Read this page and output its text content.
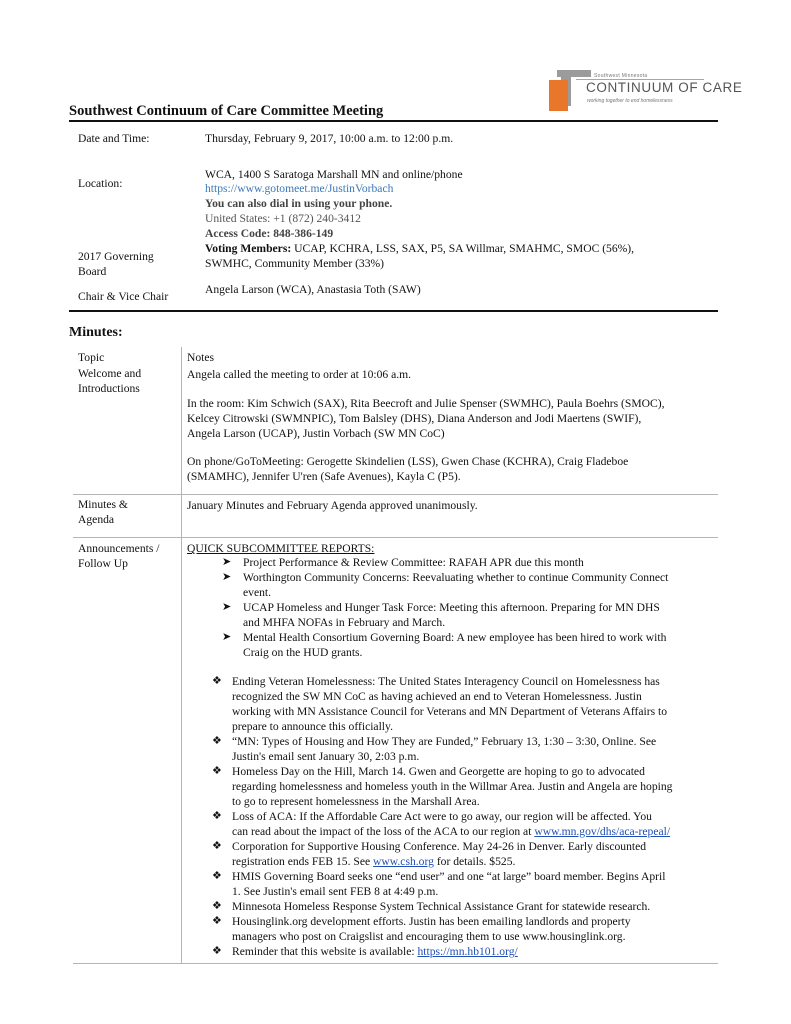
Southwest Minnesota
CONTINUUM OF CARE
working together to end homelessness
Southwest Continuum of Care Committee Meeting
Date and Time:	Thursday, February 9, 2017, 10:00 a.m. to 12:00 p.m.
Location:
WCA, 1400 S Saratoga Marshall MN and online/phone
https://www.gotomeet.me/JustinVorbach
You can also dial in using your phone.
United States: +1 (872) 240-3412
Access Code: 848-386-149
2017 Governing
Board
Voting Members: UCAP, KCHRA, LSS, SAX, P5, SA Willmar, SMAHMC, SMOC (56%),
SWMHC, Community Member (33%)
Chair & Vice Chair
Angela Larson (WCA), Anastasia Toth (SAW)
Minutes:
Topic	Notes
Welcome and
Introductions
Angela called the meeting to order at 10:06 a.m.
In the room: Kim Schwich (SAX), Rita Beecroft and Julie Spenser (SWMHC), Paula Boehrs (SMOC),
Kelcey Citrowski (SWMNPIC), Tom Balsley (DHS), Diana Anderson and Jodi Maertens (SWIF),
Angela Larson (UCAP), Justin Vorbach (SW MN CoC)
On phone/GoToMeeting: Gerogette Skindelien (LSS), Gwen Chase (KCHRA), Craig Fladeboe
(SMAMHC), Jennifer U'ren (Safe Avenues), Kayla C (P5).
Minutes &
Agenda
January Minutes and February Agenda approved unanimously.
Announcements /
Follow Up
QUICK SUBCOMMITTEE REPORTS:
➤ Project Performance & Review Committee: RAFAH APR due this month
➤ Worthington Community Concerns: Reevaluating whether to continue Community Connect
event.
➤ UCAP Homeless and Hunger Task Force: Meeting this afternoon. Preparing for MN DHS
and MHFA NOFAs in February and March.
➤ Mental Health Consortium Governing Board: A new employee has been hired to work with
Craig on the HUD grants.
❖ Ending Veteran Homelessness: The United States Interagency Council on Homelessness has
recognized the SW MN CoC as having achieved an end to Veteran Homelessness. Justin
working with MN Assistance Council for Veterans and MN Department of Veterans Affairs to
prepare to announce this officially.
❖ “MN: Types of Housing and How They are Funded,” February 13, 1:30 – 3:30, Online. See
Justin's email sent January 30, 2:03 p.m.
❖ Homeless Day on the Hill, March 14. Gwen and Georgette are hoping to go to advocated
regarding homelessness and homeless youth in the Willmar Area. Justin and Angela are hoping
to go to represent homelessness in the Marshall Area.
❖ Loss of ACA: If the Affordable Care Act were to go away, our region will be affected. You
can read about the impact of the loss of the ACA to our region at www.mn.gov/dhs/aca-repeal/
❖ Corporation for Supportive Housing Conference. May 24-26 in Denver. Early discounted
registration ends FEB 15. See www.csh.org for details. $525.
❖ HMIS Governing Board seeks one “end user” and one “at large” board member. Begins April
1. See Justin's email sent FEB 8 at 4:49 p.m.
❖ Minnesota Homeless Response System Technical Assistance Grant for statewide research.
❖ Housinglink.org development efforts. Justin has been emailing landlords and property
managers who post on Craigslist and encouraging them to use www.housinglink.org.
❖ Reminder that this website is available: https://mn.hb101.org/
